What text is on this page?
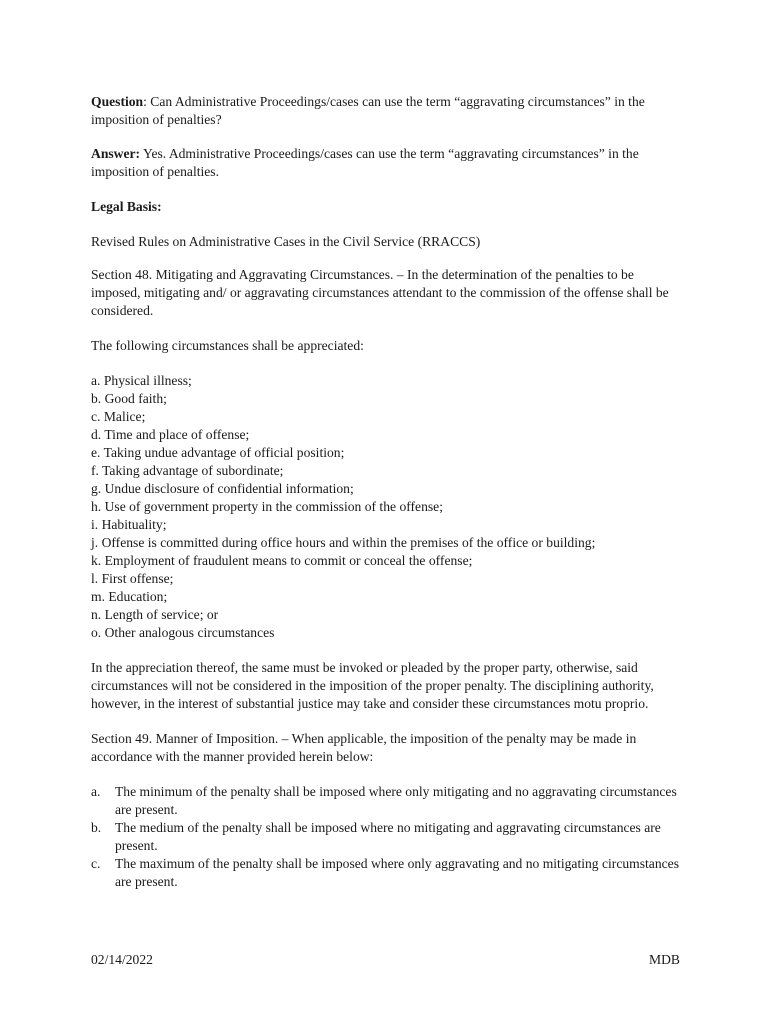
Question: Can Administrative Proceedings/cases can use the term “aggravating circumstances” in the imposition of penalties?

Answer: Yes. Administrative Proceedings/cases can use the term “aggravating circumstances” in the imposition of penalties.

Legal Basis:

Revised Rules on Administrative Cases in the Civil Service (RRACCS)

Section 48. Mitigating and Aggravating Circumstances. – In the determination of the penalties to be imposed, mitigating and/ or aggravating circumstances attendant to the commission of the offense shall be considered.

The following circumstances shall be appreciated:

a. Physical illness;
b. Good faith;
c. Malice;
d. Time and place of offense;
e. Taking undue advantage of official position;
f. Taking advantage of subordinate;
g. Undue disclosure of confidential information;
h. Use of government property in the commission of the offense;
i. Habituality;
j. Offense is committed during office hours and within the premises of the office or building;
k. Employment of fraudulent means to commit or conceal the offense;
l. First offense;
m. Education;
n. Length of service; or
o. Other analogous circumstances

In the appreciation thereof, the same must be invoked or pleaded by the proper party, otherwise, said circumstances will not be considered in the imposition of the proper penalty. The disciplining authority, however, in the interest of substantial justice may take and consider these circumstances motu proprio.

Section 49. Manner of Imposition. – When applicable, the imposition of the penalty may be made in accordance with the manner provided herein below:

a. The minimum of the penalty shall be imposed where only mitigating and no aggravating circumstances are present.
b. The medium of the penalty shall be imposed where no mitigating and aggravating circumstances are present.
c. The maximum of the penalty shall be imposed where only aggravating and no mitigating circumstances are present.
02/14/2022	MDB
